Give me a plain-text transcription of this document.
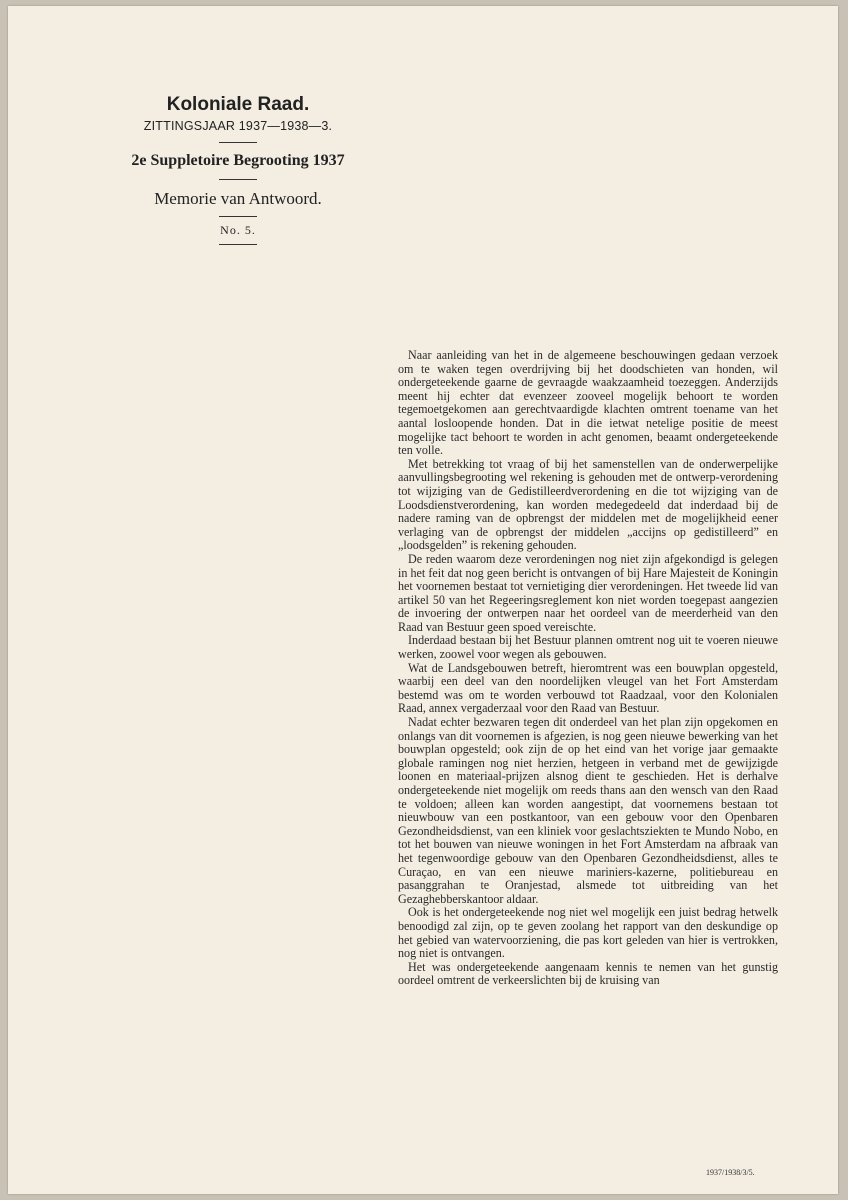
Koloniale Raad.

ZITTINGSJAAR 1937—1938—3.

2e Suppletoire Begrooting 1937

Memorie van Antwoord.

No. 5.

Naar aanleiding van het in de algemeene beschouwingen gedaan verzoek om te waken tegen overdrijving bij het doodschieten van honden, wil ondergeteekende gaarne de gevraagde waakzaamheid toezeggen. Anderzijds meent hij echter dat evenzeer zooveel mogelijk behoort te worden tegemoetgekomen aan gerechtvaardigde klachten omtrent toename van het aantal losloopende honden. Dat in die ietwat netelige positie de meest mogelijke tact behoort te worden in acht genomen, beaamt ondergeteekende ten volle.

Met betrekking tot vraag of bij het samenstellen van de onderwerpelijke aanvullingsbegrooting wel rekening is gehouden met de ontwerp-verordening tot wijziging van de Gedistilleerdverordening en die tot wijziging van de Loodsdienstverordening, kan worden medegedeeld dat inderdaad bij de nadere raming van de opbrengst der middelen met de mogelijkheid eener verlaging van de opbrengst der middelen „accijns op gedistilleerd” en „loodsgelden” is rekening gehouden.

De reden waarom deze verordeningen nog niet zijn afgekondigd is gelegen in het feit dat nog geen bericht is ontvangen of bij Hare Majesteit de Koningin het voornemen bestaat tot vernietiging dier verordeningen. Het tweede lid van artikel 50 van het Regeeringsreglement kon niet worden toegepast aangezien de invoering der ontwerpen naar het oordeel van de meerderheid van den Raad van Bestuur geen spoed vereischte.

Inderdaad bestaan bij het Bestuur plannen omtrent nog uit te voeren nieuwe werken, zoowel voor wegen als gebouwen.

Wat de Landsgebouwen betreft, hieromtrent was een bouwplan opgesteld, waarbij een deel van den noordelijken vleugel van het Fort Amsterdam bestemd was om te worden verbouwd tot Raadzaal, voor den Kolonialen Raad, annex vergaderzaal voor den Raad van Bestuur.

Nadat echter bezwaren tegen dit onderdeel van het plan zijn opgekomen en onlangs van dit voornemen is afgezien, is nog geen nieuwe bewerking van het bouwplan opgesteld; ook zijn de op het eind van het vorige jaar gemaakte globale ramingen nog niet herzien, hetgeen in verband met de gewijzigde loonen en materiaal-prijzen alsnog dient te geschieden. Het is derhalve ondergeteekende niet mogelijk om reeds thans aan den wensch van den Raad te voldoen; alleen kan worden aangestipt, dat voornemens bestaan tot nieuwbouw van een postkantoor, van een gebouw voor den Openbaren Gezondheidsdienst, van een kliniek voor geslachtsziekten te Mundo Nobo, en tot het bouwen van nieuwe woningen in het Fort Amsterdam na afbraak van het tegenwoordige gebouw van den Openbaren Gezondheidsdienst, alles te Curaçao, en van een nieuwe mariniers-kazerne, politiebureau en pasanggrahan te Oranjestad, alsmede tot uitbreiding van het Gezaghebberskantoor aldaar.

Ook is het ondergeteekende nog niet wel mogelijk een juist bedrag hetwelk benoodigd zal zijn, op te geven zoolang het rapport van den deskundige op het gebied van watervoorziening, die pas kort geleden van hier is vertrokken, nog niet is ontvangen.

Het was ondergeteekende aangenaam kennis te nemen van het gunstig oordeel omtrent de verkeerslichten bij de kruising van

1937/1938/3/5.
